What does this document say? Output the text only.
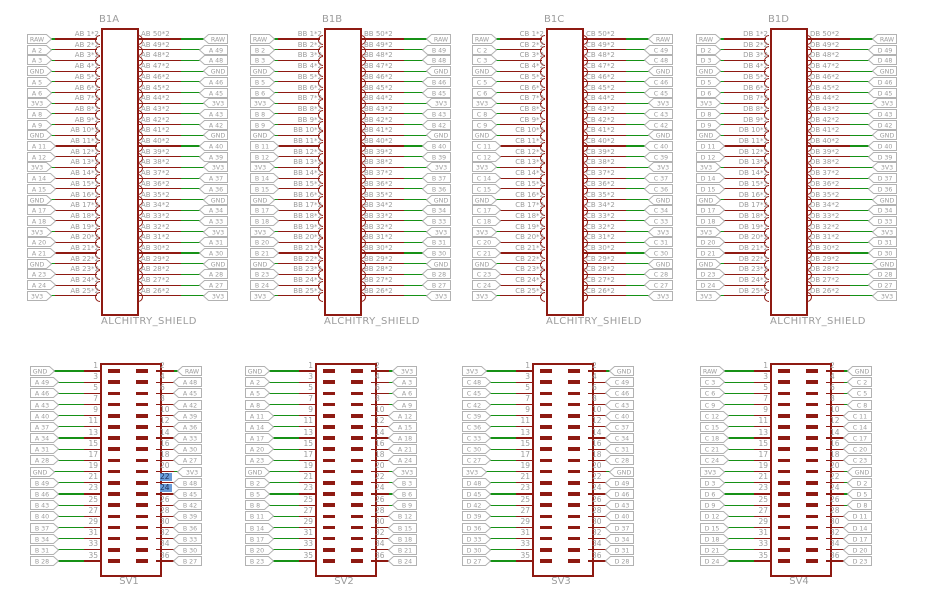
B1A
ALCHITRY_SHIELD
AB 1*2
RAW
AB 50*2
RAW
AB 2*2
A 2
AB 49*2
A 49
AB 3*2
A 3
AB 48*2
A 48
AB 4*2
GND
AB 47*2
GND
AB 5*2
A 5
AB 46*2
A 46
AB 6*2
A 6
AB 45*2
A 45
AB 7*2
3V3
AB 44*2
3V3
AB 8*2
A 8
AB 43*2
A 43
AB 9*2
A 9
AB 42*2
A 42
AB 10*2
GND
AB 41*2
GND
AB 11*2
A 11
AB 40*2
A 40
AB 12*2
A 12
AB 39*2
A 39
AB 13*2
3V3
AB 38*2
3V3
AB 14*2
A 14
AB 37*2
A 37
AB 15*2
A 15
AB 36*2
A 36
AB 16*2
GND
AB 35*2
GND
AB 17*2
A 17
AB 34*2
A 34
AB 18*2
A 18
AB 33*2
A 33
AB 19*2
3V3
AB 32*2
3V3
AB 20*2
A 20
AB 31*2
A 31
AB 21*2
A 21
AB 30*2
A 30
AB 22*2
GND
AB 29*2
GND
AB 23*2
A 23
AB 28*2
A 28
AB 24*2
A 24
AB 27*2
A 27
AB 25*2
3V3
AB 26*2
3V3
B1B
ALCHITRY_SHIELD
BB 1*2
RAW
BB 50*2
RAW
BB 2*2
B 2
BB 49*2
B 49
BB 3*2
B 3
BB 48*2
B 48
BB 4*2
GND
BB 47*2
GND
BB 5*2
B 5
BB 46*2
B 46
BB 6*2
B 6
BB 45*2
B 45
BB 7*2
3V3
BB 44*2
3V3
BB 8*2
B 8
BB 43*2
B 43
BB 9*2
B 9
BB 42*2
B 42
BB 10*2
GND
BB 41*2
GND
BB 11*2
B 11
BB 40*2
B 40
BB 12*2
B 12
BB 39*2
B 39
BB 13*2
3V3
BB 38*2
3V3
BB 14*2
B 14
BB 37*2
B 37
BB 15*2
B 15
BB 36*2
B 36
BB 16*2
GND
BB 35*2
GND
BB 17*2
B 17
BB 34*2
B 34
BB 18*2
B 18
BB 33*2
B 33
BB 19*2
3V3
BB 32*2
3V3
BB 20*2
B 20
BB 31*2
B 31
BB 21*2
B 21
BB 30*2
B 30
BB 22*2
GND
BB 29*2
GND
BB 23*2
B 23
BB 28*2
B 28
BB 24*2
B 24
BB 27*2
B 27
BB 25*2
3V3
BB 26*2
3V3
B1C
ALCHITRY_SHIELD
CB 1*2
RAW
CB 50*2
RAW
CB 2*2
C 2
CB 49*2
C 49
CB 3*2
C 3
CB 48*2
C 48
CB 4*2
GND
CB 47*2
GND
CB 5*2
C 5
CB 46*2
C 46
CB 6*2
C 6
CB 45*2
C 45
CB 7*2
3V3
CB 44*2
3V3
CB 8*2
C 8
CB 43*2
C 43
CB 9*2
C 9
CB 42*2
C 42
CB 10*2
GND
CB 41*2
GND
CB 11*2
C 11
CB 40*2
C 40
CB 12*2
C 12
CB 39*2
C 39
CB 13*2
3V3
CB 38*2
3V3
CB 14*2
C 14
CB 37*2
C 37
CB 15*2
C 15
CB 36*2
C 36
CB 16*2
GND
CB 35*2
GND
CB 17*2
C 17
CB 34*2
C 34
CB 18*2
C 18
CB 33*2
C 33
CB 19*2
3V3
CB 32*2
3V3
CB 20*2
C 20
CB 31*2
C 31
CB 21*2
C 21
CB 30*2
C 30
CB 22*2
GND
CB 29*2
GND
CB 23*2
C 23
CB 28*2
C 28
CB 24*2
C 24
CB 27*2
C 27
CB 25*2
3V3
CB 26*2
3V3
B1D
ALCHITRY_SHIELD
DB 1*2
RAW
DB 50*2
RAW
DB 2*2
D 2
DB 49*2
D 49
DB 3*2
D 3
DB 48*2
D 48
DB 4*2
GND
DB 47*2
GND
DB 5*2
D 5
DB 46*2
D 46
DB 6*2
D 6
DB 45*2
D 45
DB 7*2
3V3
DB 44*2
3V3
DB 8*2
D 8
DB 43*2
D 43
DB 9*2
D 9
DB 42*2
D 42
DB 10*2
GND
DB 41*2
GND
DB 11*2
D 11
DB 40*2
D 40
DB 12*2
D 12
DB 39*2
D 39
DB 13*2
3V3
DB 38*2
3V3
DB 14*2
D 14
DB 37*2
D 37
DB 15*2
D 15
DB 36*2
D 36
DB 16*2
GND
DB 35*2
GND
DB 17*2
D 17
DB 34*2
D 34
DB 18*2
D 18
DB 33*2
D 33
DB 19*2
3V3
DB 32*2
3V3
DB 20*2
D 20
DB 31*2
D 31
DB 21*2
D 21
DB 30*2
D 30
DB 22*2
GND
DB 29*2
GND
DB 23*2
D 23
DB 28*2
D 28
DB 24*2
D 24
DB 27*2
D 27
DB 25*2
3V3
DB 26*2
3V3
SV1
1
GND
2
RAW
3
A 49
4
A 48
5
A 46
6
A 45
7
A 43
8
A 42
9
A 40
10
A 39
11
A 37
12
A 36
13
A 34
14
A 33
15
A 31
16
A 30
17
A 28
18
A 27
19
GND
20
3V3
21
B 49
22
B 48
23
B 46
24
B 45
25
B 43
26
B 42
27
B 40
28
B 39
29
B 37
30
B 36
31
B 34
32
B 33
33
B 31
34
B 30
35
B 28
36
B 27
SV2
1
GND
2
3V3
3
A 2
4
A 3
5
A 5
6
A 6
7
A 8
8
A 9
9
A 11
10
A 12
11
A 14
12
A 15
13
A 17
14
A 18
15
A 20
16
A 21
17
A 23
18
A 24
19
GND
20
3V3
21
B 2
22
B 3
23
B 5
24
B 6
25
B 8
26
B 9
27
B 11
28
B 12
29
B 14
30
B 15
31
B 17
32
B 18
33
B 20
34
B 21
35
B 23
36
B 24
SV3
1
3V3
2
GND
3
C 48
4
C 49
5
C 45
6
C 46
7
C 42
8
C 43
9
C 39
10
C 40
11
C 36
12
C 37
13
C 33
14
C 34
15
C 30
16
C 31
17
C 27
18
C 28
19
3V3
20
GND
21
D 48
22
D 49
23
D 45
24
D 46
25
D 42
26
D 43
27
D 39
28
D 40
29
D 36
30
D 37
31
D 33
32
D 34
33
D 30
34
D 31
35
D 27
36
D 28
SV4
1
RAW
2
GND
3
C 3
4
C 2
5
C 6
6
C 5
7
C 9
8
C 8
9
C 12
10
C 11
11
C 15
12
C 14
13
C 18
14
C 17
15
C 21
16
C 20
17
C 24
18
C 23
19
3V3
20
GND
21
D 3
22
D 2
23
D 6
24
D 5
25
D 9
26
D 8
27
D 12
28
D 11
29
D 15
30
D 14
31
D 18
32
D 17
33
D 21
34
D 20
35
D 24
36
D 23
